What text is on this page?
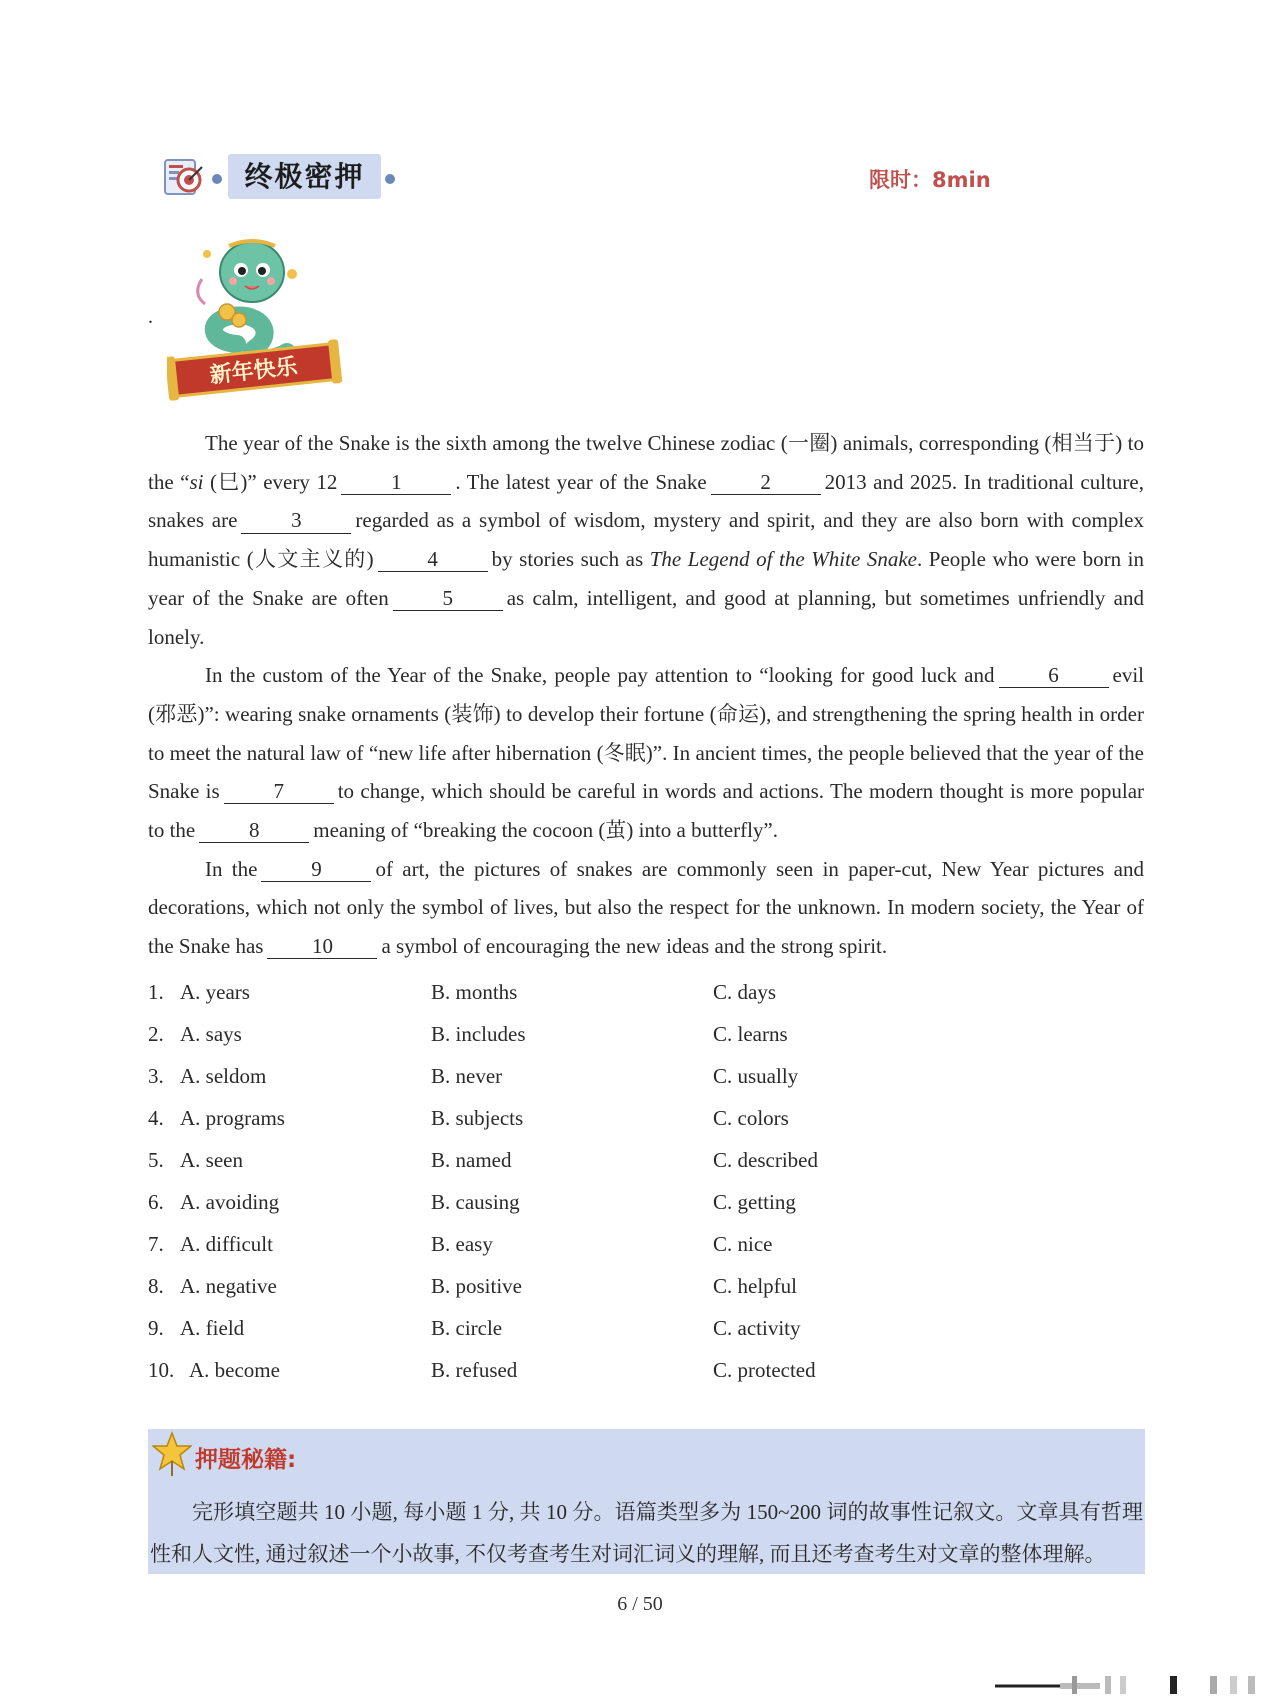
终极密押	限时：8min
新年快乐
.

The year of the Snake is the sixth among the twelve Chinese zodiac (一圈) animals, corresponding (相当于) to the “si (巳)” every 12	1	. The latest year of the Snake	2	2013 and 2025. In traditional culture, snakes are	3	regarded as a symbol of wisdom, mystery and spirit, and they are also born with complex humanistic (人文主义的)	4	by stories such as The Legend of the White Snake. People who were born in year of the Snake are often	5	as calm, intelligent, and good at planning, but sometimes unfriendly and lonely.

In the custom of the Year of the Snake, people pay attention to “looking for good luck and	6	evil (邪恶)”: wearing snake ornaments (装饰) to develop their fortune (命运), and strengthening the spring health in order to meet the natural law of “new life after hibernation (冬眠)”. In ancient times, the people believed that the year of the Snake is	7	to change, which should be careful in words and actions. The modern thought is more popular to the	8	meaning of “breaking the cocoon (茧) into a butterfly”.

In the	9	of art, the pictures of snakes are commonly seen in paper-cut, New Year pictures and decorations, which not only the symbol of lives, but also the respect for the unknown. In modern society, the Year of the Snake has 10 a symbol of encouraging the new ideas and the strong spirit.

1. A. years	B. months	C. days
2. A. says	B. includes	C. learns
3. A. seldom	B. never	C. usually
4. A. programs	B. subjects	C. colors
5. A. seen	B. named	C. described
6. A. avoiding	B. causing	C. getting
7. A. difficult	B. easy	C. nice
8. A. negative	B. positive	C. helpful
9. A. field	B. circle	C. activity
10. A. become	B. refused	C. protected
押题秘籍:
完形填空题共 10 小题, 每小题 1 分, 共 10 分。语篇类型多为 150~200 词的故事性记叙文。文章具有哲理性和人文性, 通过叙述一个小故事, 不仅考查考生对词汇词义的理解, 而且还考查考生对文章的整体理解。
6 / 50
